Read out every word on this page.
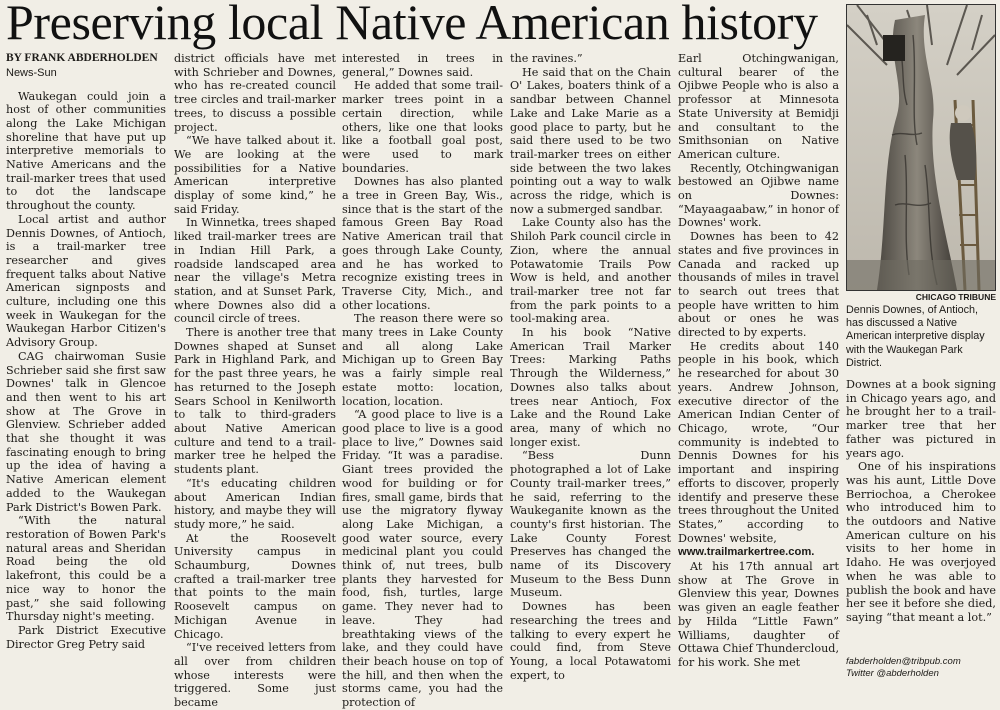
Preserving local Native American history
BY FRANK ABDERHOLDEN
News-Sun

Waukegan could join a host of other communities along the Lake Michigan shoreline that have put up interpretive memorials to Native Americans and the trail-marker trees that used to dot the landscape throughout the county.

Local artist and author Dennis Downes, of Antioch, is a trail-marker tree researcher and gives frequent talks about Native American signposts and culture, including one this week in Waukegan for the Waukegan Harbor Citizen's Advisory Group.

CAG chairwoman Susie Schrieber said she first saw Downes' talk in Glencoe and then went to his art show at The Grove in Glenview. Schrieber added that she thought it was fascinating enough to bring up the idea of having a Native American element added to the Waukegan Park District's Bowen Park.

“With the natural restoration of Bowen Park's natural areas and Sheridan Road being the old lakefront, this could be a nice way to honor the past,” she said following Thursday night's meeting.

Park District Executive Director Greg Petry said

district officials have met with Schrieber and Downes, who has re-created council tree circles and trail-marker trees, to discuss a possible project.

“We have talked about it. We are looking at the possibilities for a Native American interpretive display of some kind,” he said Friday.

In Winnetka, trees shaped liked trail-marker trees are in Indian Hill Park, a roadside landscaped area near the village's Metra station, and at Sunset Park, where Downes also did a council circle of trees.

There is another tree that Downes shaped at Sunset Park in Highland Park, and for the past three years, he has returned to the Joseph Sears School in Kenilworth to talk to third-graders about Native American culture and tend to a trail-marker tree he helped the students plant.

“It's educating children about American Indian history, and maybe they will study more,” he said.

At the Roosevelt University campus in Schaumburg, Downes crafted a trail-marker tree that points to the main Roosevelt campus on Michigan Avenue in Chicago.

“I've received letters from all over from children whose interests were triggered. Some just became

interested in trees in general,” Downes said.

He added that some trail-marker trees point in a certain direction, while others, like one that looks like a football goal post, were used to mark boundaries.

Downes has also planted a tree in Green Bay, Wis., since that is the start of the famous Green Bay Road Native American trail that goes through Lake County, and he has worked to recognize existing trees in Traverse City, Mich., and other locations.

The reason there were so many trees in Lake County and all along Lake Michigan up to Green Bay was a fairly simple real estate motto: location, location, location.

“A good place to live is a good place to live is a good place to live,” Downes said Friday. “It was a paradise. Giant trees provided the wood for building or for fires, small game, birds that use the migratory flyway along Lake Michigan, a good water source, every medicinal plant you could think of, nut trees, bulb plants they harvested for food, fish, turtles, large game. They never had to leave. They had breathtaking views of the lake, and they could have their beach house on top of the hill, and then when the storms came, you had the protection of

the ravines.”

He said that on the Chain O' Lakes, boaters think of a sandbar between Channel Lake and Lake Marie as a good place to party, but he said there used to be two trail-marker trees on either side between the two lakes pointing out a way to walk across the ridge, which is now a submerged sandbar.

Lake County also has the Shiloh Park council circle in Zion, where the annual Potawatomie Trails Pow Wow is held, and another trail-marker tree not far from the park points to a tool-making area.

In his book “Native American Trail Marker Trees: Marking Paths Through the Wilderness,” Downes also talks about trees near Antioch, Fox Lake and the Round Lake area, many of which no longer exist.

“Bess Dunn photographed a lot of Lake County trail-marker trees,” he said, referring to the Waukeganite known as the county's first historian. The Lake County Forest Preserves has changed the name of its Discovery Museum to the Bess Dunn Museum.

Downes has been researching the trees and talking to every expert he could find, from Steve Young, a local Potawatomi expert, to

Earl Otchingwanigan, cultural bearer of the Ojibwe People who is also a professor at Minnesota State University at Bemidji and consultant to the Smithsonian on Native American culture.

Recently, Otchingwanigan bestowed an Ojibwe name on Downes: “Mayaagaabaw,” in honor of Downes' work.

Downes has been to 42 states and five provinces in Canada and racked up thousands of miles in travel to search out trees that people have written to him about or ones he was directed to by experts.

He credits about 140 people in his book, which he researched for about 30 years. Andrew Johnson, executive director of the American Indian Center of Chicago, wrote, “Our community is indebted to Dennis Downes for his important and inspiring efforts to discover, properly identify and preserve these trees throughout the United States,” according to Downes' website,

www.trailmarkertree.com.

At his 17th annual art show at The Grove in Glenview this year, Downes was given an eagle feather by Hilda “Little Fawn” Williams, daughter of Ottawa Chief Thundercloud, for his work. She met

CHICAGO TRIBUNE
Dennis Downes, of Antioch, has discussed a Native American interpretive display with the Waukegan Park District.

Downes at a book signing in Chicago years ago, and he brought her to a trail-marker tree that her father was pictured in years ago.

One of his inspirations was his aunt, Little Dove Berriochoa, a Cherokee who introduced him to the outdoors and Native American culture on his visits to her home in Idaho. He was overjoyed when he was able to publish the book and have her see it before she died, saying “that meant a lot.”

fabderholden@tribpub.com
Twitter @abderholden
